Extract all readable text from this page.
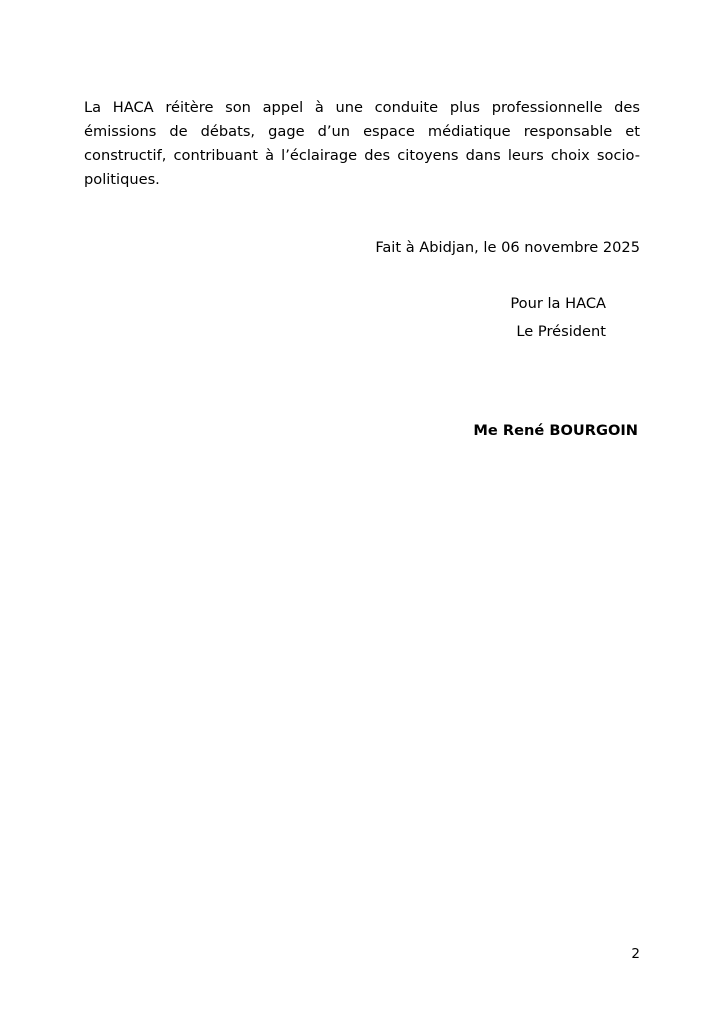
La HACA réitère son appel à une conduite plus professionnelle des émissions de débats, gage d’un espace médiatique responsable et constructif, contribuant à l’éclairage des citoyens dans leurs choix socio-politiques.

Fait à Abidjan, le 06 novembre 2025
Pour la HACA
Le Président
Me René BOURGOIN
2
